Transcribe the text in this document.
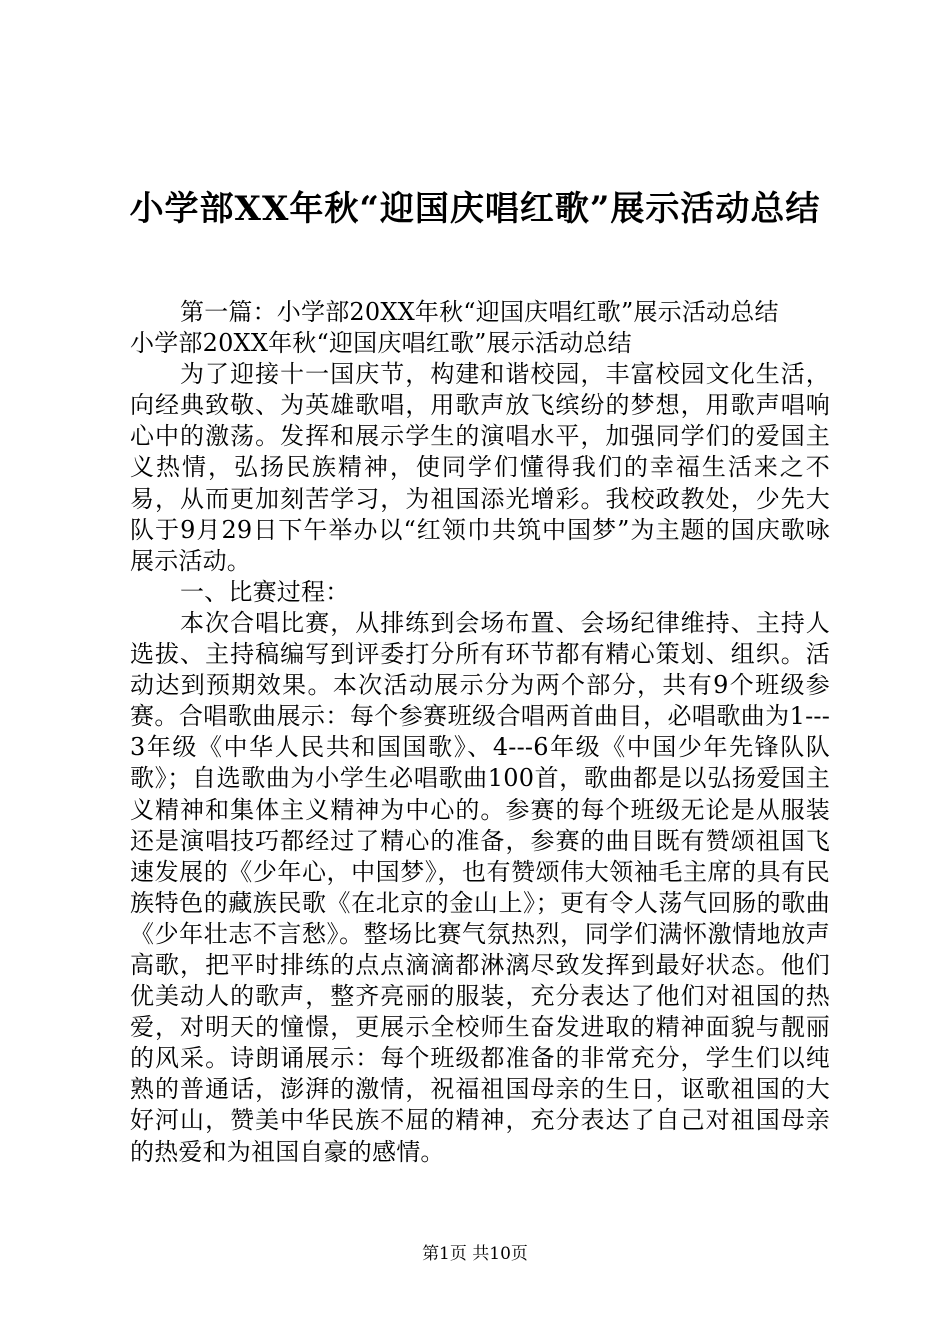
小学部XX年秋“迎国庆唱红歌”展示活动总结

第一篇：小学部20XX年秋“迎国庆唱红歌”展示活动总结

小学部20XX年秋“迎国庆唱红歌”展示活动总结

为了迎接十一国庆节，构建和谐校园，丰富校园文化生活，向经典致敬、为英雄歌唱，用歌声放飞缤纷的梦想，用歌声唱响心中的激荡。发挥和展示学生的演唱水平，加强同学们的爱国主义热情，弘扬民族精神，使同学们懂得我们的幸福生活来之不易，从而更加刻苦学习，为祖国添光增彩。我校政教处，少先大队于9月29日下午举办以“红领巾共筑中国梦”为主题的国庆歌咏展示活动。

一、比赛过程：

本次合唱比赛，从排练到会场布置、会场纪律维持、主持人选拔、主持稿编写到评委打分所有环节都有精心策划、组织。活动达到预期效果。本次活动展示分为两个部分，共有9个班级参赛。合唱歌曲展示：每个参赛班级合唱两首曲目，必唱歌曲为1---3年级《中华人民共和国国歌》、4---6年级《中国少年先锋队队歌》；自选歌曲为小学生必唱歌曲100首，歌曲都是以弘扬爱国主义精神和集体主义精神为中心的。参赛的每个班级无论是从服装还是演唱技巧都经过了精心的准备，参赛的曲目既有赞颂祖国飞速发展的《少年心，中国梦》，也有赞颂伟大领袖毛主席的具有民族特色的藏族民歌《在北京的金山上》；更有令人荡气回肠的歌曲《少年壮志不言愁》。整场比赛气氛热烈，同学们满怀激情地放声高歌，把平时排练的点点滴滴都淋漓尽致发挥到最好状态。他们优美动人的歌声，整齐亮丽的服装，充分表达了他们对祖国的热爱，对明天的憧憬，更展示全校师生奋发进取的精神面貌与靓丽的风采。诗朗诵展示：每个班级都准备的非常充分，学生们以纯熟的普通话，澎湃的激情，祝福祖国母亲的生日，讴歌祖国的大好河山，赞美中华民族不屈的精神，充分表达了自己对祖国母亲的热爱和为祖国自豪的感情。

第1页 共10页
